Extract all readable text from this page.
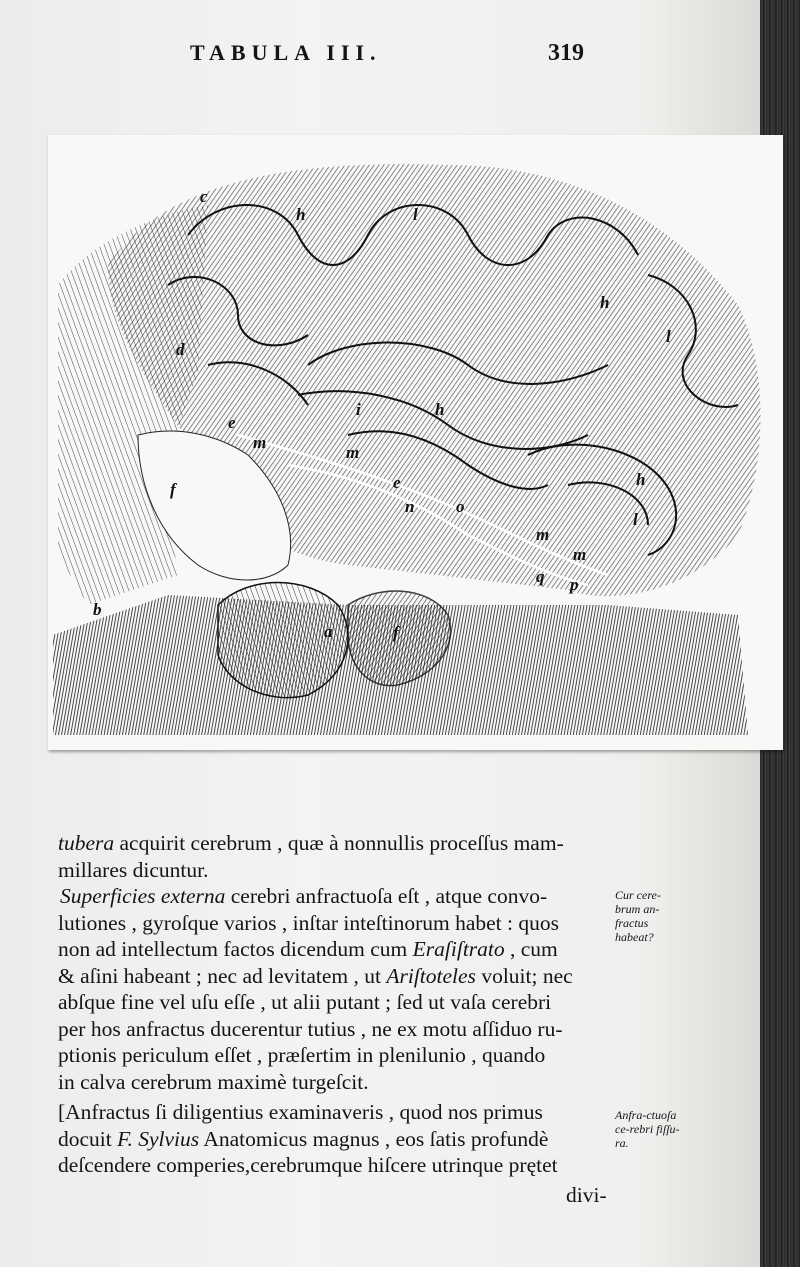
TABULA III.	319
c
h	l
d
h
l
i	h
e
m
m
f
h
e
n o
l
m
m
p
q
b
a	f
tubera acquirit cerebrum , quæ à nonnullis proceſſus mam-
millares dicuntur.
Superficies externa cerebri anfractuoſa eſt , atque convo-
lutiones , gyroſque varios , inſtar inteſtinorum habet : quos
non ad intellectum factos dicendum cum Eraſiſtrato , cum
& aſini habeant ; nec ad levitatem , ut Ariſtoteles voluit; nec
abſque fine vel uſu eſſe , ut alii putant ; ſed ut vaſa cerebri
per hos anfractus ducerentur tutius , ne ex motu aſſiduo ru-
ptionis periculum eſſet , præſertim in plenilunio , quando
in calva cerebrum maximè turgeſcit.
[Anfractus ſi diligentius examinaveris , quod nos primus
docuit F. Sylvius Anatomicus magnus , eos ſatis profundè
deſcendere comperies,cerebrumque hiſcere utrinque prętet
Cur cere-brum an-fractus habeat?
Anfra-ctuoſa ce-rebri fiſſu-ra.
divi-
